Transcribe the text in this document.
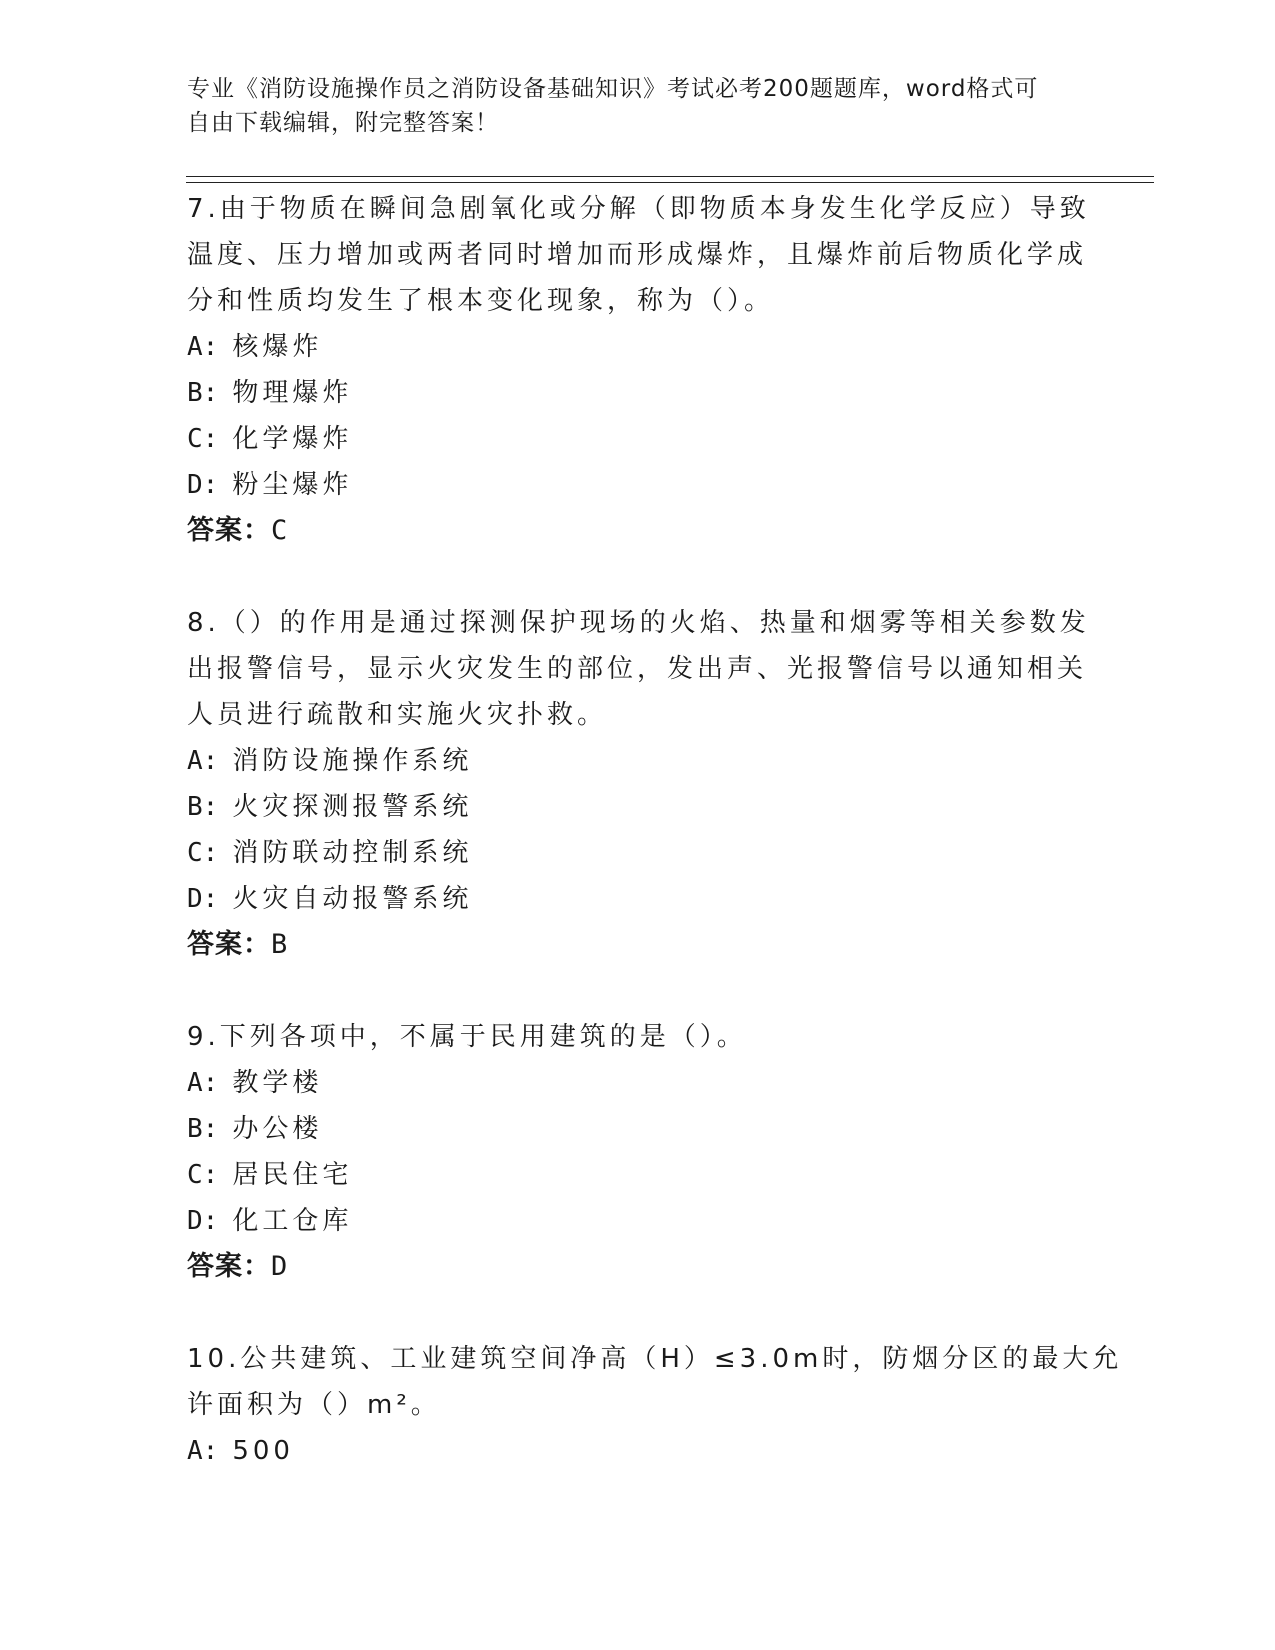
专业《消防设施操作员之消防设备基础知识》考试必考200题题库，word格式可
自由下载编辑，附完整答案！
7.由于物质在瞬间急剧氧化或分解（即物质本身发生化学反应）导致
温度、压力增加或两者同时增加而形成爆炸，且爆炸前后物质化学成
分和性质均发生了根本变化现象，称为（）。
A: 核爆炸
B: 物理爆炸
C: 化学爆炸
D: 粉尘爆炸
答案：C
8.（）的作用是通过探测保护现场的火焰、热量和烟雾等相关参数发
出报警信号，显示火灾发生的部位，发出声、光报警信号以通知相关
人员进行疏散和实施火灾扑救。
A: 消防设施操作系统
B: 火灾探测报警系统
C: 消防联动控制系统
D: 火灾自动报警系统
答案：B
9.下列各项中，不属于民用建筑的是（）。
A: 教学楼
B: 办公楼
C: 居民住宅
D: 化工仓库
答案：D
10.公共建筑、工业建筑空间净高（H）≤3.0m时，防烟分区的最大允
许面积为（）m²。
A: 500
